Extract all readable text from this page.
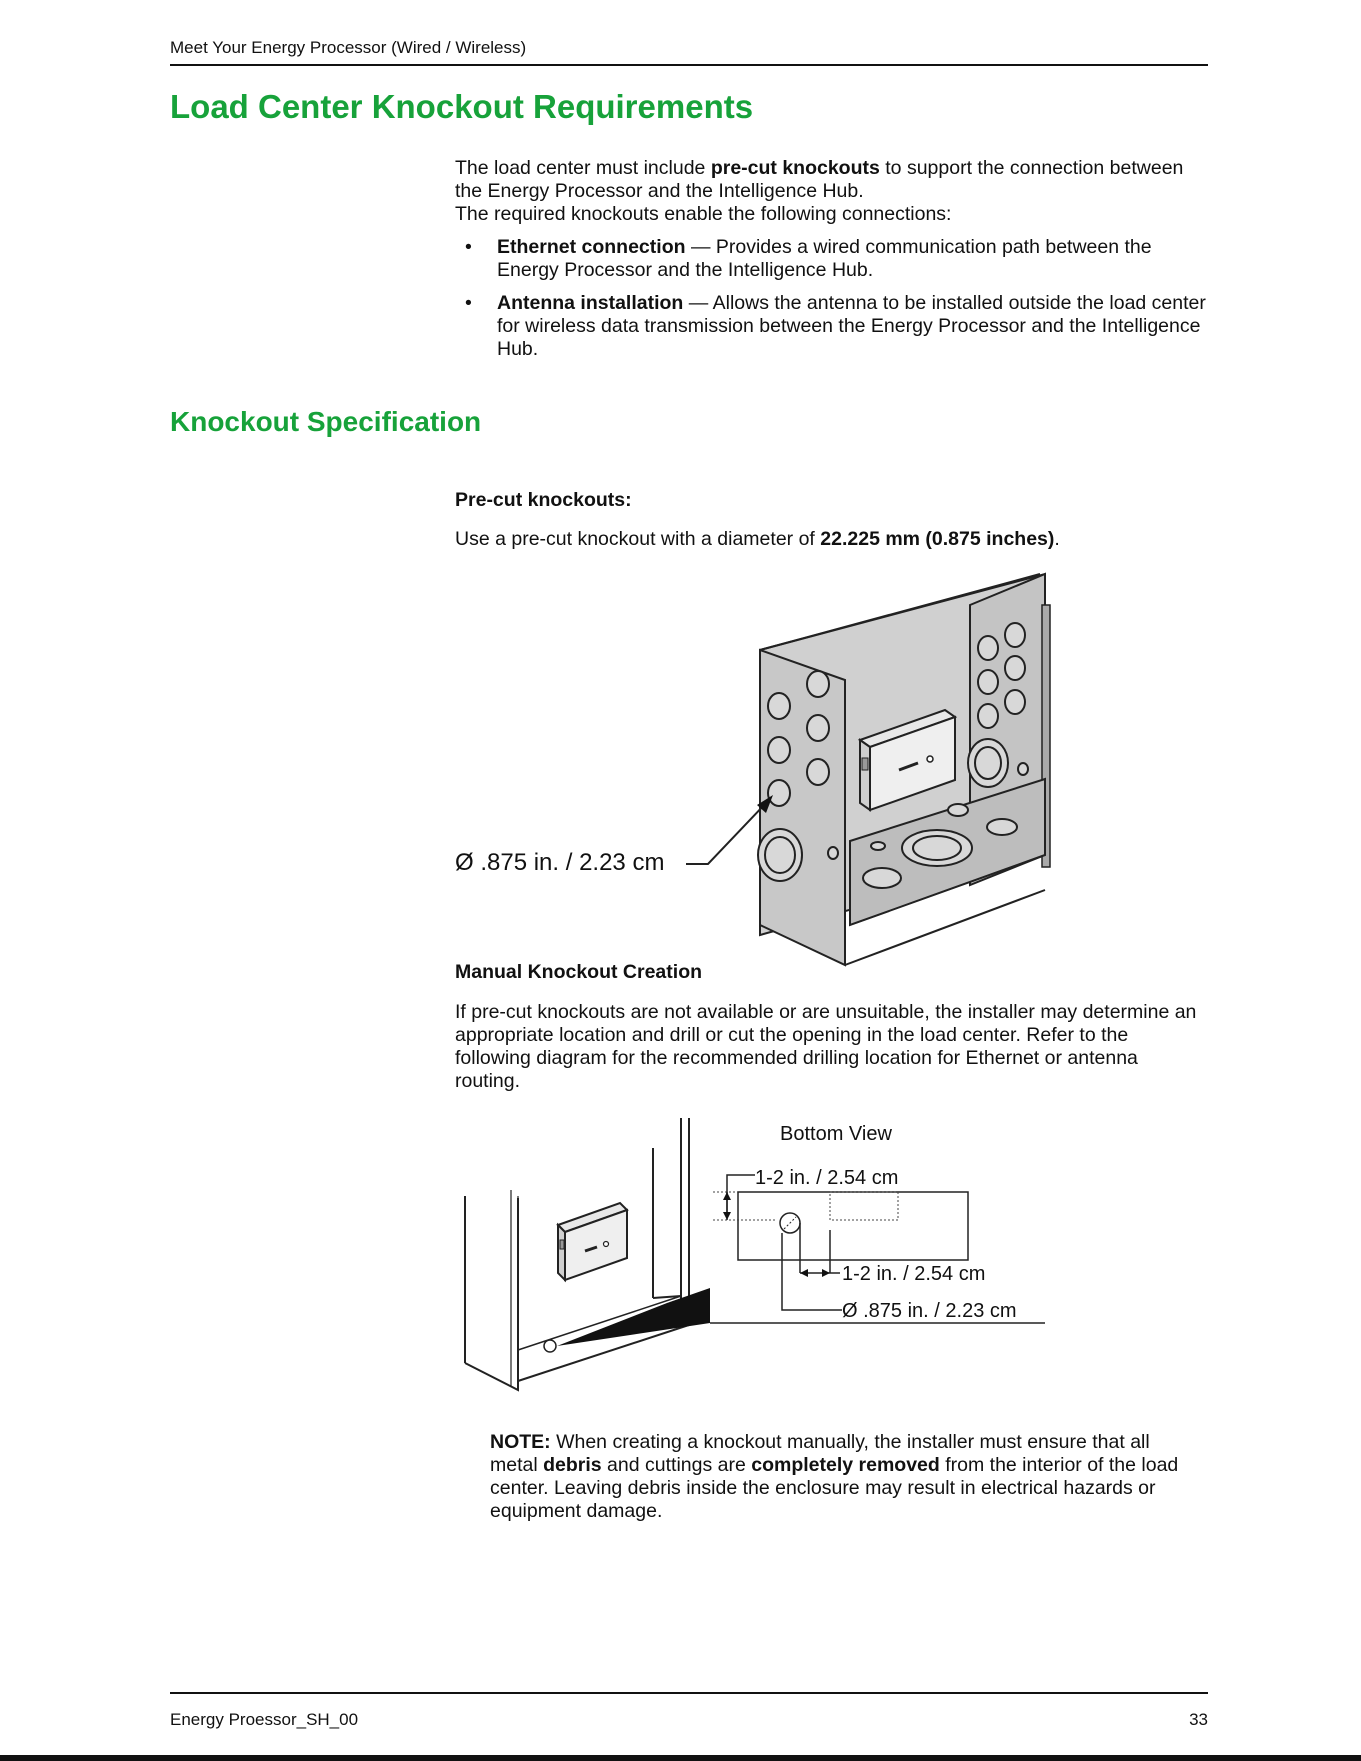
Meet Your Energy Processor (Wired / Wireless)
Load Center Knockout Requirements
The load center must include pre-cut knockouts to support the connection between the Energy Processor and the Intelligence Hub.
The required knockouts enable the following connections:
• Ethernet connection — Provides a wired communication path between the Energy Processor and the Intelligence Hub.
• Antenna installation — Allows the antenna to be installed outside the load center for wireless data transmission between the Energy Processor and the Intelligence Hub.
Knockout Specification
Pre-cut knockouts:
Use a pre-cut knockout with a diameter of 22.225 mm (0.875 inches).
Ø .875 in. / 2.23 cm
Manual Knockout Creation
If pre-cut knockouts are not available or are unsuitable, the installer may determine an appropriate location and drill or cut the opening in the load center. Refer to the following diagram for the recommended drilling location for Ethernet or antenna routing.
1-2 in. / 2.54 cm
1-2 in. / 2.54 cm
Ø .875 in. / 2.23 cm
Bottom View
NOTE: When creating a knockout manually, the installer must ensure that all metal debris and cuttings are completely removed from the interior of the load center. Leaving debris inside the enclosure may result in electrical hazards or equipment damage.
Energy Proessor_SH_00	33
